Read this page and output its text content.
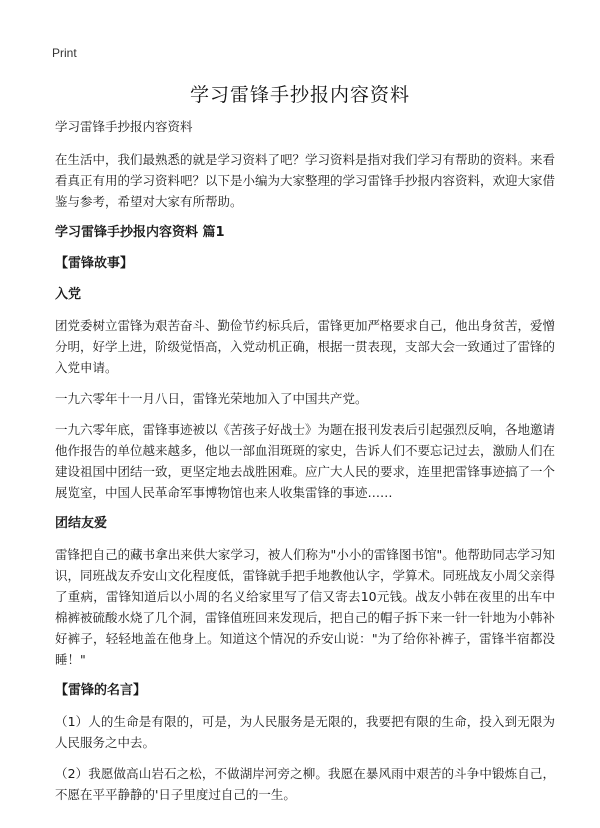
Print
学习雷锋手抄报内容资料

学习雷锋手抄报内容资料

在生活中，我们最熟悉的就是学习资料了吧？学习资料是指对我们学习有帮助的资料。来看看真正有用的学习资料吧？以下是小编为大家整理的学习雷锋手抄报内容资料，欢迎大家借鉴与参考，希望对大家有所帮助。

学习雷锋手抄报内容资料 篇1

【雷锋故事】

入党

团党委树立雷锋为艰苦奋斗、勤俭节约标兵后，雷锋更加严格要求自己，他出身贫苦，爱憎分明，好学上进，阶级觉悟高，入党动机正确，根据一贯表现，支部大会一致通过了雷锋的入党申请。

一九六零年十一月八日，雷锋光荣地加入了中国共产党。

一九六零年底，雷锋事迹被以《苦孩子好战士》为题在报刊发表后引起强烈反响，各地邀请他作报告的单位越来越多，他以一部血泪斑斑的家史，告诉人们不要忘记过去，激励人们在建设祖国中团结一致，更坚定地去战胜困难。应广大人民的要求，连里把雷锋事迹搞了一个展览室，中国人民革命军事博物馆也来人收集雷锋的事迹……

团结友爱

雷锋把自己的藏书拿出来供大家学习，被人们称为"小小的雷锋图书馆"。他帮助同志学习知识，同班战友乔安山文化程度低，雷锋就手把手地教他认字，学算术。同班战友小周父亲得了重病，雷锋知道后以小周的名义给家里写了信又寄去10元钱。战友小韩在夜里的出车中棉裤被硫酸水烧了几个洞，雷锋值班回来发现后，把自己的帽子拆下来一针一针地为小韩补好裤子，轻轻地盖在他身上。知道这个情况的乔安山说："为了给你补裤子，雷锋半宿都没睡！"

【雷锋的名言】

（1）人的生命是有限的，可是，为人民服务是无限的，我要把有限的生命，投入到无限为人民服务之中去。

（2）我愿做高山岩石之松，不做湖岸河旁之柳。我愿在暴风雨中艰苦的斗争中锻炼自己，不愿在平平静静的'日子里度过自己的一生。
